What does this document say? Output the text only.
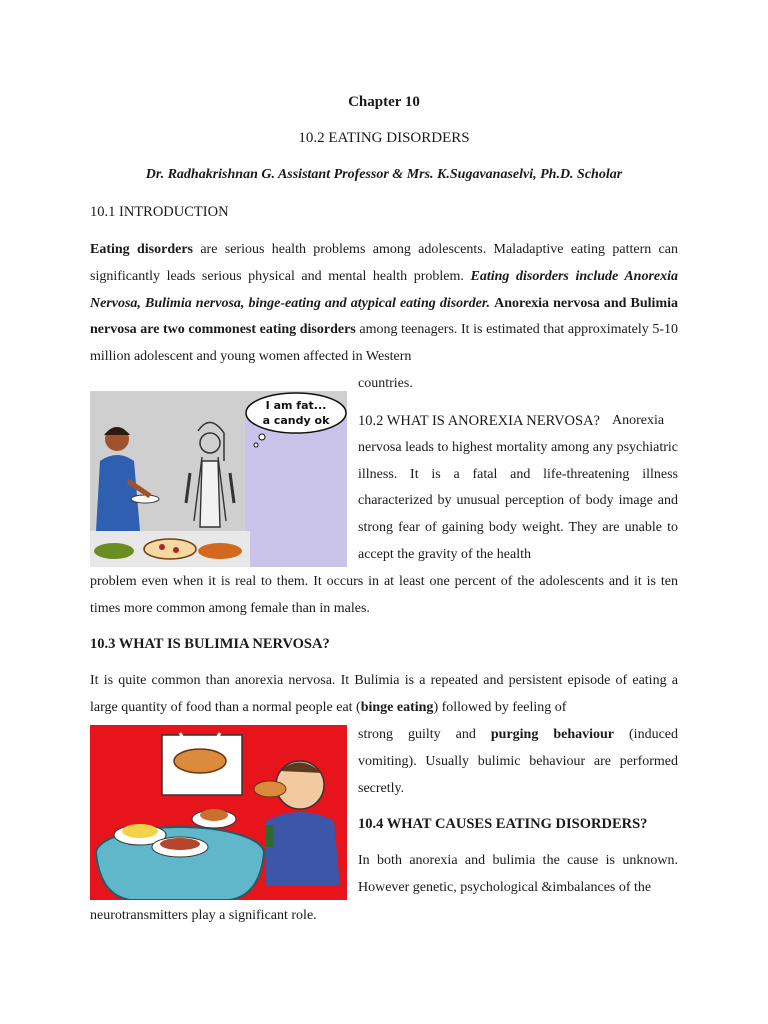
Chapter 10
10.2 EATING DISORDERS
Dr. Radhakrishnan G. Assistant Professor & Mrs. K.Sugavanaselvi, Ph.D. Scholar
10.1 INTRODUCTION

Eating disorders are serious health problems among adolescents. Maladaptive eating pattern can significantly leads serious physical and mental health problem. Eating disorders include Anorexia Nervosa, Bulimia nervosa, binge-eating and atypical eating disorder. Anorexia nervosa and Bulimia nervosa are two commonest eating disorders among teenagers. It is estimated that approximately 5-10 million adolescent and young women affected in Western

countries.

I am fat...
a candy ok 10.2 WHAT IS ANOREXIA NERVOSA? Anorexia nervosa leads to highest mortality among any psychiatric illness. It is a fatal and life-threatening illness characterized by unusual perception of body image and strong fear of gaining body weight. They are unable to accept the gravity of the health

problem even when it is real to them. It occurs in at least one percent of the adolescents and it is ten times more common among female than in males.

10.3 WHAT IS BULIMIA NERVOSA?

It is quite common than anorexia nervosa. It Bulimia is a repeated and persistent episode of eating a large quantity of food than a normal people eat (binge eating) followed by feeling of

strong guilty and purging behaviour (induced vomiting). Usually bulimic behaviour are performed secretly.

10.4 WHAT CAUSES EATING DISORDERS?

In both anorexia and bulimia the cause is unknown. However genetic, psychological &imbalances of the

neurotransmitters play a significant role.
